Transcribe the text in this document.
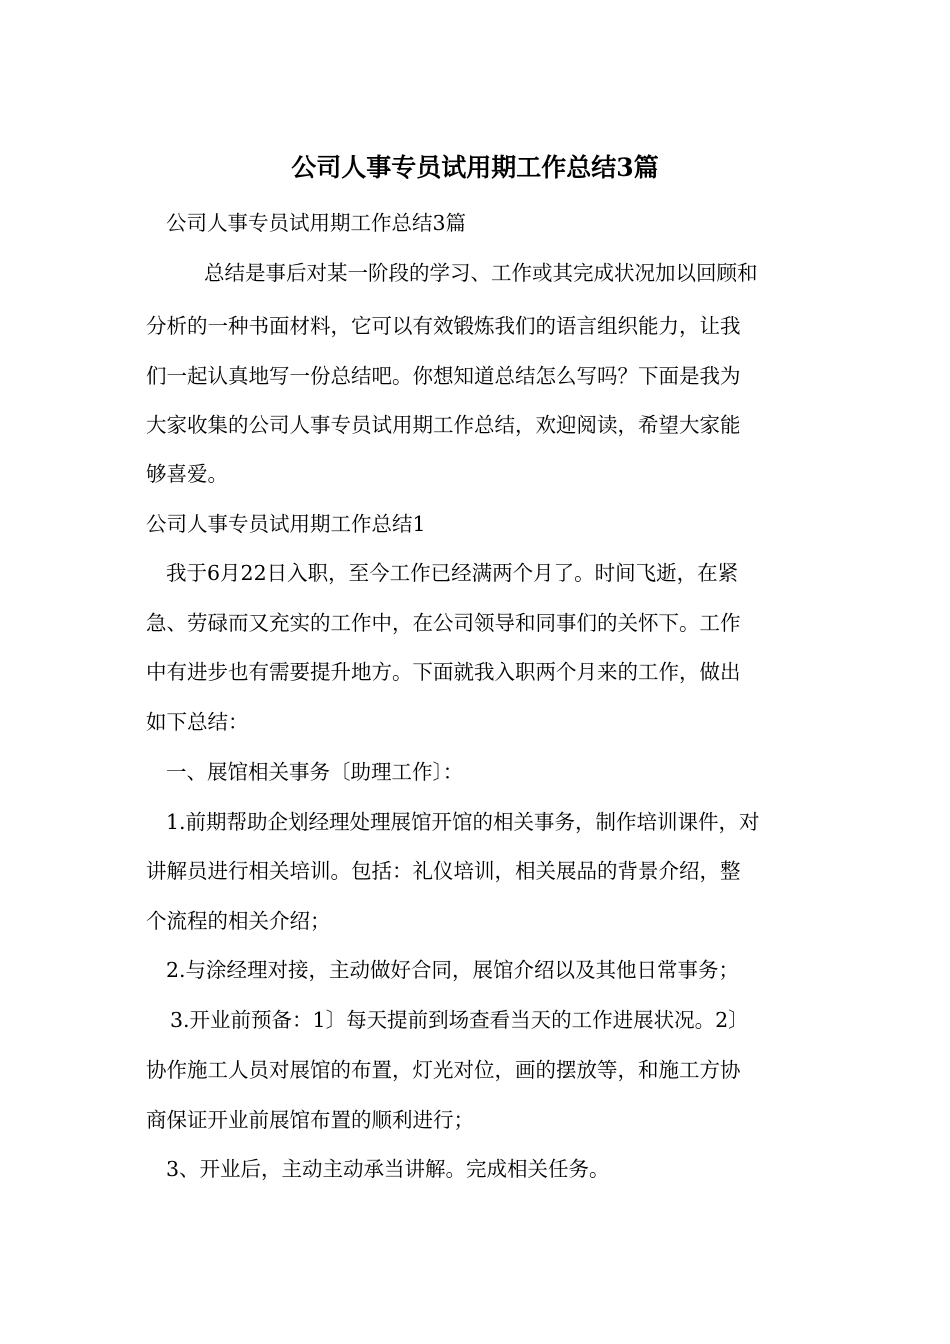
公司人事专员试用期工作总结3篇
公司人事专员试用期工作总结3篇
总结是事后对某一阶段的学习、工作或其完成状况加以回顾和
分析的一种书面材料，它可以有效锻炼我们的语言组织能力，让我
们一起认真地写一份总结吧。你想知道总结怎么写吗？下面是我为
大家收集的公司人事专员试用期工作总结，欢迎阅读，希望大家能
够喜爱。
公司人事专员试用期工作总结1
我于6月22日入职，至今工作已经满两个月了。时间飞逝，在紧
急、劳碌而又充实的工作中，在公司领导和同事们的关怀下。工作
中有进步也有需要提升地方。下面就我入职两个月来的工作，做出
如下总结：
一、展馆相关事务〔助理工作〕：
1.前期帮助企划经理处理展馆开馆的相关事务，制作培训课件，对
讲解员进行相关培训。包括：礼仪培训，相关展品的背景介绍，整
个流程的相关介绍；
2.与涂经理对接，主动做好合同，展馆介绍以及其他日常事务；
3.开业前预备：1〕每天提前到场查看当天的工作进展状况。2〕
协作施工人员对展馆的布置，灯光对位，画的摆放等，和施工方协
商保证开业前展馆布置的顺利进行；
3、开业后，主动主动承当讲解。完成相关任务。
